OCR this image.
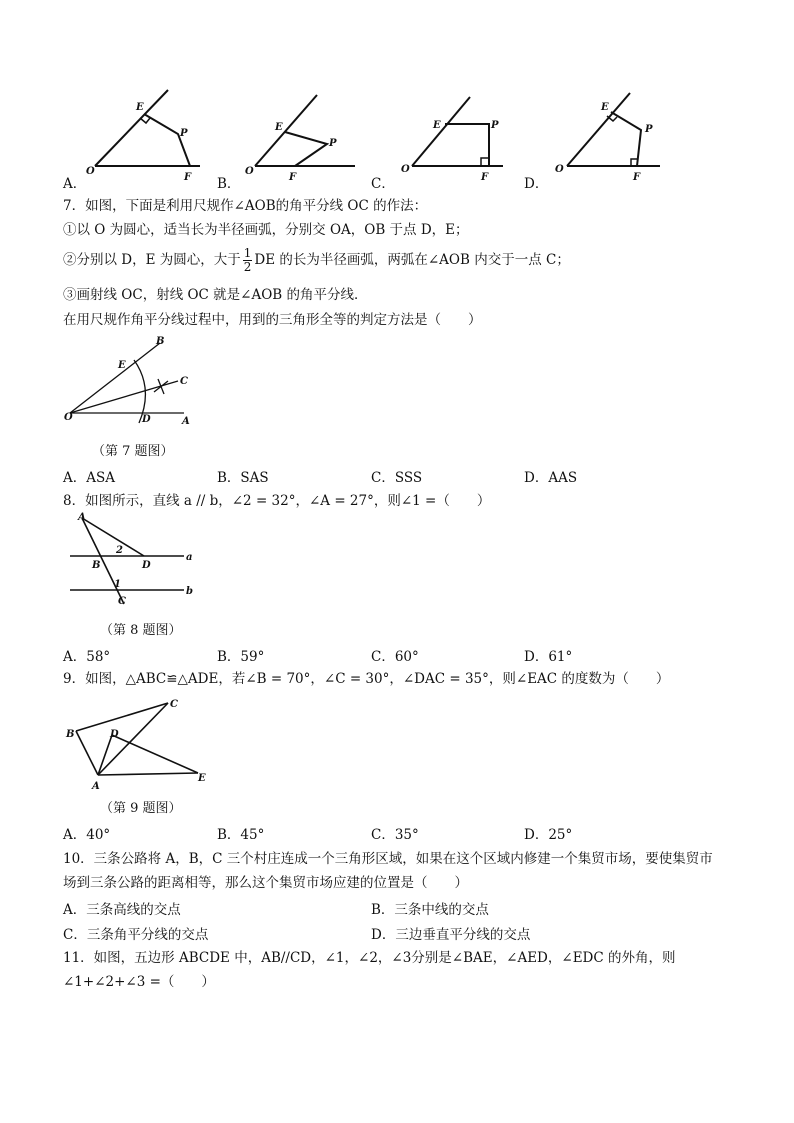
E
P
O
F
E
P
O
F
E	P
O
F
E
P
O
F
A．	B．	C．	D．
7．如图，下面是利用尺规作∠AOB的角平分线 OC 的作法：
①以 O 为圆心，适当长为半径画弧，分别交 OA，OB 于点 D，E；
②分别以 D，E 为圆心，大于 $\frac{1}{2}$ DE 的长为半径画弧，两弧在∠AOB 内交于一点 C；
③画射线 OC，射线 OC 就是∠AOB 的角平分线．
在用尺规作角平分线过程中，用到的三角形全等的判定方法是（　　）
E
B
C
O	D	A
（第 7 题图）
A．ASA	B．SAS	C．SSS	D．AAS
8．如图所示，直线 a // b，∠2 = 32°，∠A = 27°，则∠1 =（　　）
A
B	D
C
a
b
1
2
（第 8 题图）
A．58°	B．59°	C．60°	D．61°
9．如图，△ABC≌△ADE，若∠B = 70°，∠C = 30°，∠DAC = 35°，则∠EAC 的度数为（　　）
B
C
D
A
E
（第 9 题图）
A．40°	B．45°	C．35°	D．25°
10．三条公路将 A，B，C 三个村庄连成一个三角形区域，如果在这个区域内修建一个集贸市场，要使集贸市
场到三条公路的距离相等，那么这个集贸市场应建的位置是（　　）
A．三条高线的交点	B．三条中线的交点
C．三条角平分线的交点	D．三边垂直平分线的交点
11．如图，五边形 ABCDE 中，AB//CD，∠1，∠2，∠3分别是∠BAE，∠AED，∠EDC 的外角，则
∠1+∠2+∠3 =（　　）
